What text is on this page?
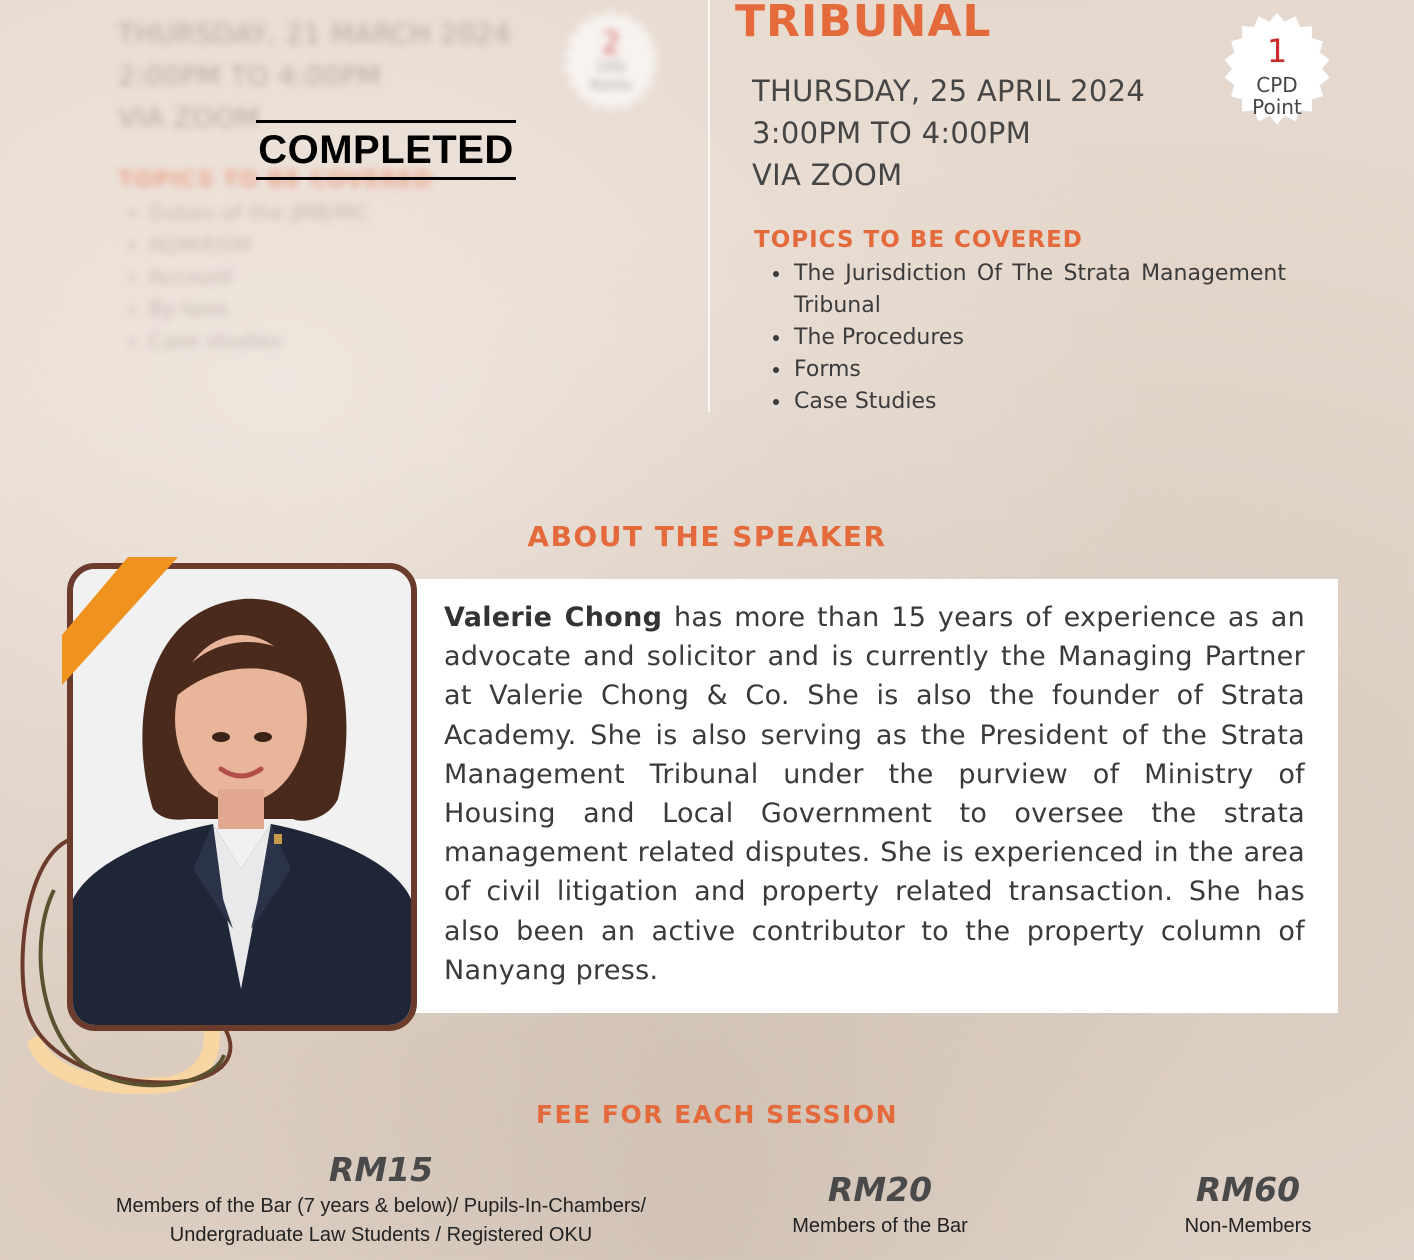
THURSDAY, 21 MARCH 2024
2:00PM TO 4:00PM
VIA ZOOM
TOPICS TO BE COVERED
• Duties of the JMB/MC
• AGM/EGM
• Account
• By-laws
• Case studies
2
CPD
Points
COMPLETED
TRIBUNAL
THURSDAY, 25 APRIL 2024
3:00PM TO 4:00PM
VIA ZOOM
TOPICS TO BE COVERED
• The Jurisdiction Of The Strata Management Tribunal
• The Procedures
• Forms
• Case Studies
1
CPD
Point
ABOUT THE SPEAKER
Valerie Chong has more than 15 years of experience as an advocate and solicitor and is currently the Managing Partner at Valerie Chong & Co. She is also the founder of Strata Academy. She is also serving as the President of the Strata Management Tribunal under the purview of Ministry of Housing and Local Government to oversee the strata management related disputes. She is experienced in the area of civil litigation and property related transaction. She has also been an active contributor to the property column of Nanyang press.
FEE FOR EACH SESSION
RM15
Members of the Bar (7 years & below)/ Pupils-In-Chambers/
Undergraduate Law Students / Registered OKU
RM20
Members of the Bar
RM60
Non-Members
